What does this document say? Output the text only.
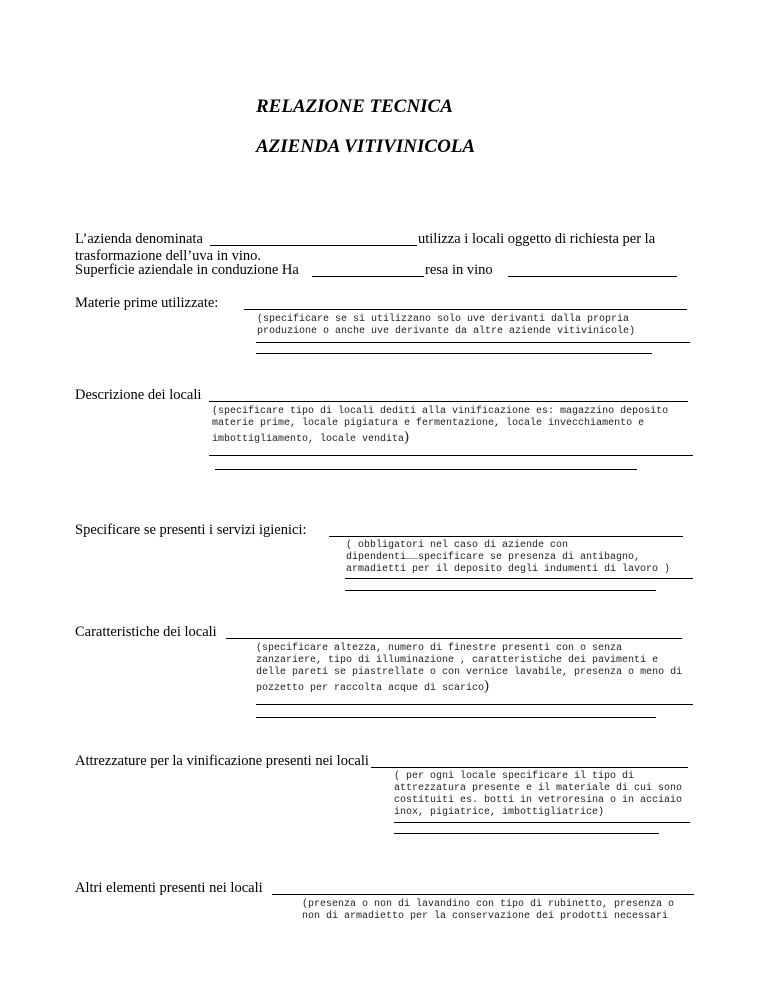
RELAZIONE TECNICA
AZIENDA VITIVINICOLA
L’azienda denominata	utilizza i locali oggetto di richiesta per la
trasformazione dell’uva in vino.
Superficie aziendale in conduzione Ha	resa in vino
Materie prime utilizzate:
(specificare se si utilizzano solo uve derivanti dalla propria
produzione o anche uve derivante da altre aziende vitivinicole)
Descrizione dei locali
(specificare tipo di locali dediti alla vinificazione es: magazzino deposito
materie prime, locale pigiatura e fermentazione, locale invecchiamento e
imbottigliamento, locale vendita)
Specificare se presenti i servizi igienici:
( obbligatori nel caso di aziende con
dipendenti……specificare se presenza di antibagno,
armadietti per il deposito degli indumenti di lavoro )
Caratteristiche dei locali
(specificare altezza, numero di finestre presenti con o senza
zanzariere, tipo di illuminazione , caratteristiche dei pavimenti e
delle pareti se piastrellate o con vernice lavabile, presenza o meno di
pozzetto per raccolta acque di scarico)
Attrezzature per la vinificazione presenti nei locali
( per ogni locale specificare il tipo di
attrezzatura presente e il materiale di cui sono
costituiti es. botti in vetroresina o in acciaio
inox, pigiatrice, imbottigliatrice)
Altri elementi presenti nei locali
(presenza o non di lavandino con tipo di rubinetto, presenza o
non di armadietto per la conservazione dei prodotti necessari
